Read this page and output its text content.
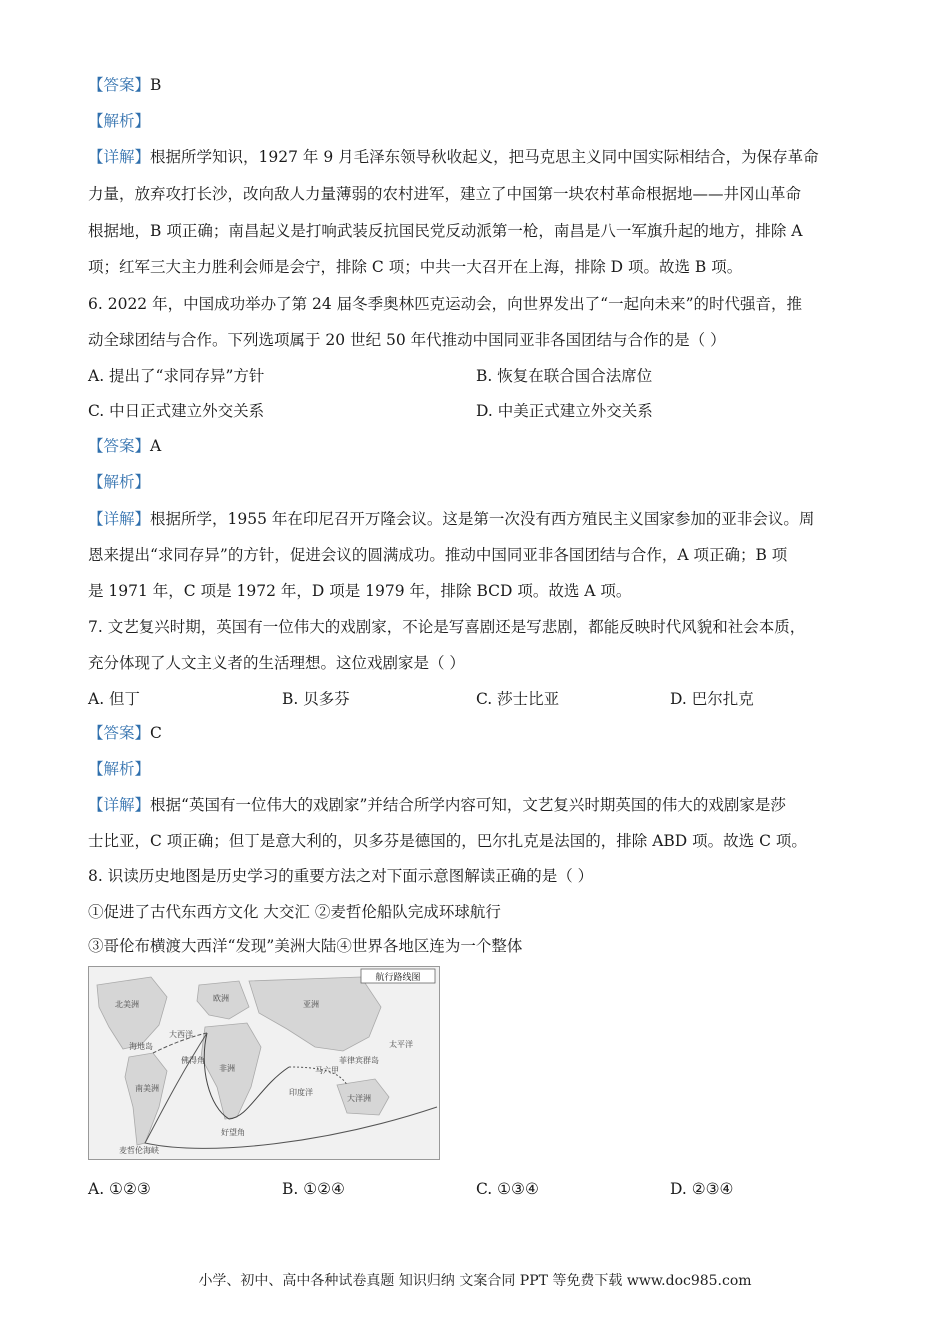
【答案】B
【解析】
【详解】根据所学知识，1927 年 9 月毛泽东领导秋收起义，把马克思主义同中国实际相结合，为保存革命
力量，放弃攻打长沙，改向敌人力量薄弱的农村进军，建立了中国第一块农村革命根据地——井冈山革命
根据地，B 项正确；南昌起义是打响武装反抗国民党反动派第一枪，南昌是八一军旗升起的地方，排除 A
项；红军三大主力胜利会师是会宁，排除 C 项；中共一大召开在上海，排除 D 项。故选 B 项。
6. 2022 年，中国成功举办了第 24 届冬季奥林匹克运动会，向世界发出了“一起向未来”的时代强音，推
动全球团结与合作。下列选项属于 20 世纪 50 年代推动中国同亚非各国团结与合作的是（ ）
A. 提出了“求同存异”方针	B. 恢复在联合国合法席位
C. 中日正式建立外交关系	D. 中美正式建立外交关系
【答案】A
【解析】
【详解】根据所学，1955 年在印尼召开万隆会议。这是第一次没有西方殖民主义国家参加的亚非会议。周
恩来提出“求同存异”的方针，促进会议的圆满成功。推动中国同亚非各国团结与合作，A 项正确；B 项
是 1971 年，C 项是 1972 年，D 项是 1979 年，排除 BCD 项。故选 A 项。
7. 文艺复兴时期，英国有一位伟大的戏剧家，不论是写喜剧还是写悲剧，都能反映时代风貌和社会本质，
充分体现了人文主义者的生活理想。这位戏剧家是（ ）
A. 但丁	B. 贝多芬	C. 莎士比亚	D. 巴尔扎克
【答案】C
【解析】
【详解】根据“英国有一位伟大的戏剧家”并结合所学内容可知，文艺复兴时期英国的伟大的戏剧家是莎
士比亚，C 项正确；但丁是意大利的，贝多芬是德国的，巴尔扎克是法国的，排除 ABD 项。故选 C 项。
8. 识读历史地图是历史学习的重要方法之对下面示意图解读正确的是（ ）
①促进了古代东西方文化 大交汇 ②麦哲伦船队完成环球航行
③哥伦布横渡大西洋“发现”美洲大陆④世界各地区连为一个整体
航行路线图
北美洲
欧洲
亚洲
非洲
南美洲
大洋洲
太平洋
大西洋
印度洋
好望角
海地岛
菲律宾群岛
马六甲
佛得角
麦哲伦海峡
A. ①②③	B. ①②④	C. ①③④	D. ②③④
小学、初中、高中各种试卷真题 知识归纳 文案合同 PPT 等免费下载 www.doc985.com
